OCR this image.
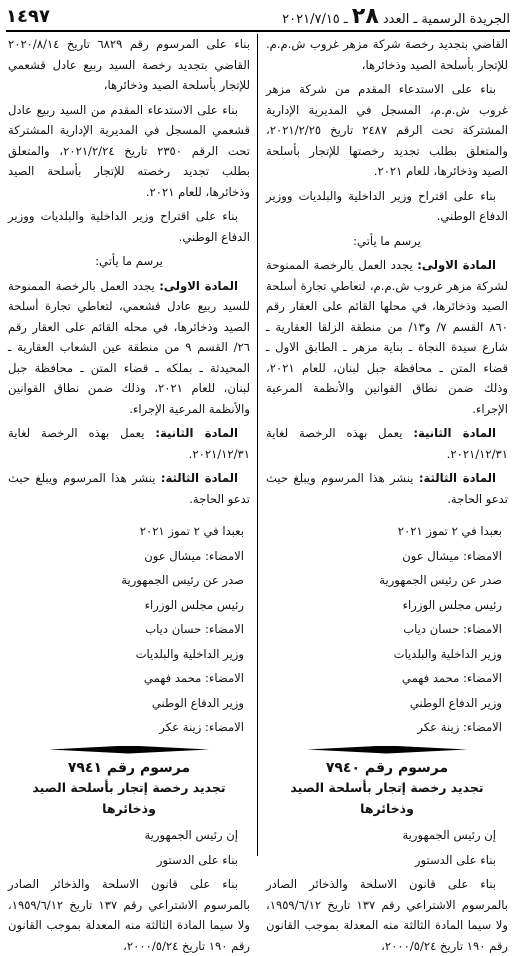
الجريدة الرسمية ـ العدد ٢٨ ـ ٢٠٢١/٧/١٥
١٤٩٧

القاضي بتجديد رخصة شركة مزهر غروب ش.م.م. للإتجار بأسلحة الصيد وذخائرها،

بناء على الاستدعاء المقدم من شركة مزهر غروب ش.م.م، المسجل في المديرية الإدارية المشتركة تحت الرقم ٢٤٨٧ تاريخ ٢٠٢١/٢/٢٥، والمتعلق بطلب تجديد رخصتها للإتجار بأسلحة الصيد وذخائرها، للعام ٢٠٢١.

بناء على اقتراح وزير الداخلية والبلديات ووزير الدفاع الوطني.

يرسم ما يأتي:

المادة الاولى: يجدد العمل بالرخصة الممنوحة لشركة مزهر غروب ش.م.م، لتعاطي تجارة أسلحة الصيد وذخائرها، في محلها القائم على العقار رقم ٨٦٠ القسم ٧/ و١٣/ من منطقة الزلقا العقارية ـ شارع سيدة النجاة ـ بناية مزهر ـ الطابق الاول ـ قضاء المتن ـ محافظة جبل لبنان، للعام ٢٠٢١، وذلك ضمن نطاق القوانين والأنظمة المرعية الإجراء.

المادة الثانية: يعمل بهذه الرخصة لغاية ٢٠٢١/١٢/٣١.

المادة الثالثة: ينشر هذا المرسوم ويبلغ حيث تدعو الحاجة.

بعبدا في ٢ تموز ٢٠٢١

الامضاء: ميشال عون

صدر عن رئيس الجمهورية

رئيس مجلس الوزراء

الامضاء: حسان دياب

وزير الداخلية والبلديات

الامضاء: محمد فهمي

وزير الدفاع الوطني

الامضاء: زينة عكر

مرسوم رقم ٧٩٤٠
تجديد رخصة إتجار بأسلحة الصيد وذخائرها

إن رئيس الجمهورية

بناء على الدستور

بناء على قانون الاسلحة والذخائر الصادر بالمرسوم الاشتراعي رقم ١٣٧ تاريخ ١٩٥٩/٦/١٢، ولا سيما المادة الثالثة منه المعدلة بموجب القانون رقم ١٩٠ تاريخ ٢٠٠٠/٥/٢٤،

بناء على المرسوم رقم ٦٨٢٩ تاريخ ٢٠٢٠/٨/١٤ القاضي بتجديد رخصة السيد ربيع عادل قشعمي للإتجار بأسلحة الصيد وذخائرها،

بناء على الاستدعاء المقدم من السيد ربيع عادل قشعمي المسجل في المديرية الإدارية المشتركة تحت الرقم ٢٣٥٠ تاريخ ٢٠٢١/٢/٢٤، والمتعلق بطلب تجديد رخصته للإتجار بأسلحة الصيد وذخائرها، للعام ٢٠٢١.

بناء على اقتراح وزير الداخلية والبلديات ووزير الدفاع الوطني.

يرسم ما يأتي:

المادة الاولى: يجدد العمل بالرخصة الممنوحة للسيد ربيع عادل قشعمي، لتعاطي تجارة أسلحة الصيد وذخائرها، في محله القائم على العقار رقم ٢٦/ القسم ٩ من منطقة عين الشعاب العقارية ـ المحيدثة ـ بملكه ـ قضاء المتن ـ محافظة جبل لبنان، للعام ٢٠٢١، وذلك ضمن نطاق القوانين والأنظمة المرعية الإجراء.

المادة الثانية: يعمل بهذه الرخصة لغاية ٢٠٢١/١٢/٣١.

المادة الثالثة: ينشر هذا المرسوم ويبلغ حيث تدعو الحاجة.

بعبدا في ٢ تموز ٢٠٢١

الامضاء: ميشال عون

صدر عن رئيس الجمهورية

رئيس مجلس الوزراء

الامضاء: حسان دياب

وزير الداخلية والبلديات

الامضاء: محمد فهمي

وزير الدفاع الوطني

الامضاء: زينة عكر

مرسوم رقم ٧٩٤١
تجديد رخصة إتجار بأسلحة الصيد وذخائرها

إن رئيس الجمهورية

بناء على الدستور

بناء على قانون الاسلحة والذخائر الصادر بالمرسوم الاشتراعي رقم ١٣٧ تاريخ ١٩٥٩/٦/١٢، ولا سيما المادة الثالثة منه المعدلة بموجب القانون رقم ١٩٠ تاريخ ٢٠٠٠/٥/٢٤،
